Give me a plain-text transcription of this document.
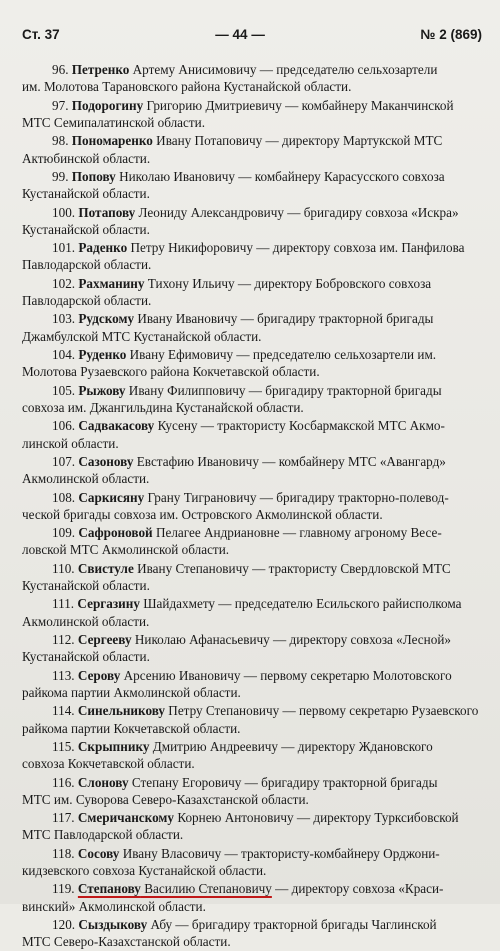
Ст. 37	— 44 —	№ 2 (869)
96. Петренко Артему Анисимовичу — председателю сельхозартели
им. Молотова Тарановского района Кустанайской области.
97. Подорогину Григорию Дмитриевичу — комбайнеру Маканчинской
МТС Семипалатинской области.
98. Пономаренко Ивану Потаповичу — директору Мартукской МТС
Актюбинской области.
99. Попову Николаю Ивановичу — комбайнеру Карасусского совхоза
Кустанайской области.
100. Потапову Леониду Александровичу — бригадиру совхоза «Искра»
Кустанайской области.
101. Раденко Петру Никифоровичу — директору совхоза им. Панфилова
Павлодарской области.
102. Рахманину Тихону Ильичу — директору Бобровского совхоза
Павлодарской области.
103. Рудскому Ивану Ивановичу — бригадиру тракторной бригады
Джамбулской МТС Кустанайской области.
104. Руденко Ивану Ефимовичу — председателю сельхозартели им.
Молотова Рузаевского района Кокчетавской области.
105. Рыжову Ивану Филипповичу — бригадиру тракторной бригады
совхоза им. Джангильдина Кустанайской области.
106. Садвакасову Кусену — трактористу Косбармакской МТС Акмо-
линской области.
107. Сазонову Евстафию Ивановичу — комбайнеру МТС «Авангард»
Акмолинской области.
108. Саркисяну Грану Тиграновичу — бригадиру тракторно-полевод-
ческой бригады совхоза им. Островского Акмолинской области.
109. Сафроновой Пелагее Андриановне — главному агроному Весе-
ловской МТС Акмолинской области.
110. Свистуле Ивану Степановичу — трактористу Свердловской МТС
Кустанайской области.
111. Сергазину Шайдахмету — председателю Есильского райисполкома
Акмолинской области.
112. Сергееву Николаю Афанасьевичу — директору совхоза «Лесной»
Кустанайской области.
113. Серову Арсению Ивановичу — первому секретарю Молотовского
райкома партии Акмолинской области.
114. Синельникову Петру Степановичу — первому секретарю Рузаевского
райкома партии Кокчетавской области.
115. Скрыпнику Дмитрию Андреевичу — директору Ждановского
совхоза Кокчетавской области.
116. Слонову Степану Егоровичу — бригадиру тракторной бригады
МТС им. Суворова Северо-Казахстанской области.
117. Смеричанскому Корнею Антоновичу — директору Турксибовской
МТС Павлодарской области.
118. Сосову Ивану Власовичу — трактористу-комбайнеру Орджони-
кидзевского совхоза Кустанайской области.
119. Степанову Василию Степановичу — директору совхоза «Краси-
винский» Акмолинской области.
120. Сыздыкову Абу — бригадиру тракторной бригады Чаглинской
МТС Северо-Казахстанской области.
